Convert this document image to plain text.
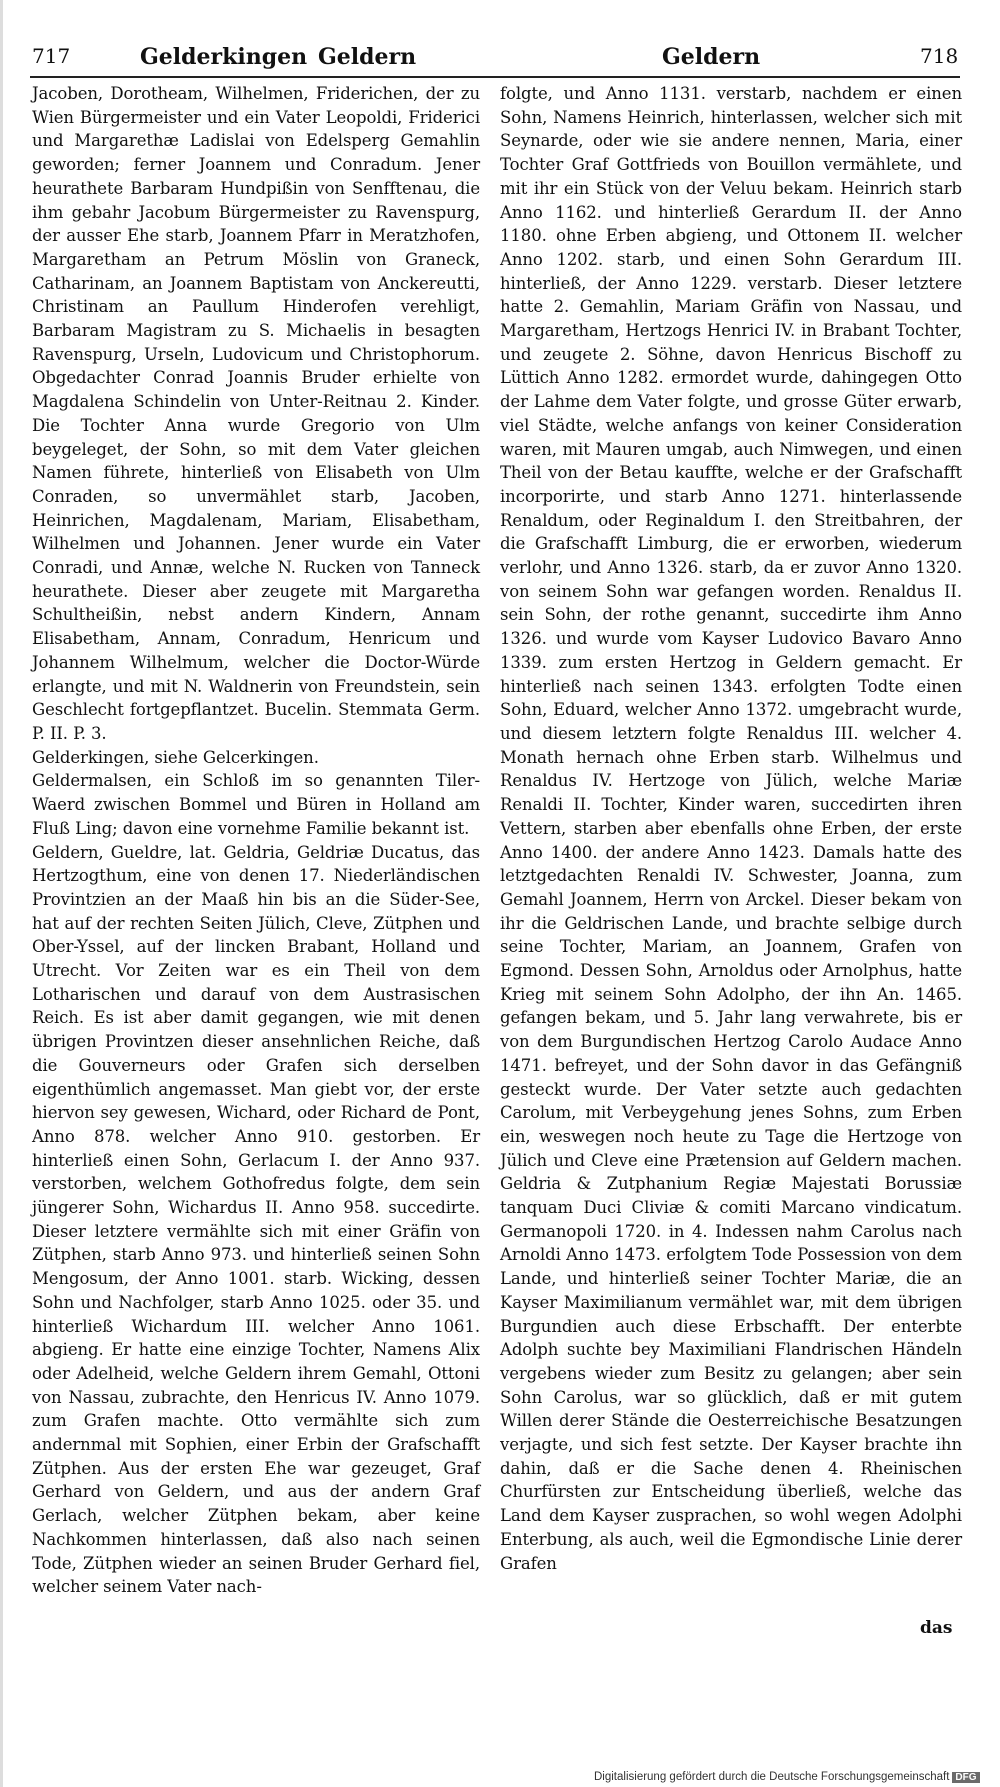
717	Gelderkingen Geldern	Geldern	718

Jacoben, Dorotheam, Wilhelmen, Friderichen, der zu Wien Bürgermeister und ein Vater Leopoldi, Friderici und Margarethæ Ladislai von Edelsperg Gemahlin geworden; ferner Joannem und Conradum. Jener heurathete Barbaram Hundpißin von Senfftenau, die ihm gebahr Jacobum Bürgermeister zu Ravenspurg, der ausser Ehe starb, Joannem Pfarr in Meratzhofen, Margaretham an Petrum Möslin von Graneck, Catharinam, an Joannem Baptistam von Anckereutti, Christinam an Paullum Hinderofen verehligt, Barbaram Magistram zu S. Michaelis in besagten Ravenspurg, Urseln, Ludovicum und Christophorum. Obgedachter Conrad Joannis Bruder erhielte von Magdalena Schindelin von Unter-Reitnau 2. Kinder. Die Tochter Anna wurde Gregorio von Ulm beygeleget, der Sohn, so mit dem Vater gleichen Namen führete, hinterließ von Elisabeth von Ulm Conraden, so unvermählet starb, Jacoben, Heinrichen, Magdalenam, Mariam, Elisabetham, Wilhelmen und Johannen. Jener wurde ein Vater Conradi, und Annæ, welche N. Rucken von Tanneck heurathete. Dieser aber zeugete mit Margaretha Schultheißin, nebst andern Kindern, Annam Elisabetham, Annam, Conradum, Henricum und Johannem Wilhelmum, welcher die Doctor-Würde erlangte, und mit N. Waldnerin von Freundstein, sein Geschlecht fortgepflantzet. Bucelin. Stemmata Germ. P. II. P. 3.

Gelderkingen, siehe Gelcerkingen.

Geldermalsen, ein Schloß im so genannten Tiler-Waerd zwischen Bommel und Büren in Holland am Fluß Ling; davon eine vornehme Familie bekannt ist.

Geldern, Gueldre, lat. Geldria, Geldriæ Ducatus, das Hertzogthum, eine von denen 17. Niederländischen Provintzien an der Maaß hin bis an die Süder-See, hat auf der rechten Seiten Jülich, Cleve, Zütphen und Ober-Yssel, auf der lincken Brabant, Holland und Utrecht. Vor Zeiten war es ein Theil von dem Lotharischen und darauf von dem Austrasischen Reich. Es ist aber damit gegangen, wie mit denen übrigen Provintzen dieser ansehnlichen Reiche, daß die Gouverneurs oder Grafen sich derselben eigenthümlich angemasset. Man giebt vor, der erste hiervon sey gewesen, Wichard, oder Richard de Pont, Anno 878. welcher Anno 910. gestorben. Er hinterließ einen Sohn, Gerlacum I. der Anno 937. verstorben, welchem Gothofredus folgte, dem sein jüngerer Sohn, Wichardus II. Anno 958. succedirte. Dieser letztere vermählte sich mit einer Gräfin von Zütphen, starb Anno 973. und hinterließ seinen Sohn Mengosum, der Anno 1001. starb. Wicking, dessen Sohn und Nachfolger, starb Anno 1025. oder 35. und hinterließ Wichardum III. welcher Anno 1061. abgieng. Er hatte eine einzige Tochter, Namens Alix oder Adelheid, welche Geldern ihrem Gemahl, Ottoni von Nassau, zubrachte, den Henricus IV. Anno 1079. zum Grafen machte. Otto vermählte sich zum andernmal mit Sophien, einer Erbin der Grafschafft Zütphen. Aus der ersten Ehe war gezeuget, Graf Gerhard von Geldern, und aus der andern Graf Gerlach, welcher Zütphen bekam, aber keine Nachkommen hinterlassen, daß also nach seinen Tode, Zütphen wieder an seinen Bruder Gerhard fiel, welcher seinem Vater nach-

folgte, und Anno 1131. verstarb, nachdem er einen Sohn, Namens Heinrich, hinterlassen, welcher sich mit Seynarde, oder wie sie andere nennen, Maria, einer Tochter Graf Gottfrieds von Bouillon vermählete, und mit ihr ein Stück von der Veluu bekam. Heinrich starb Anno 1162. und hinterließ Gerardum II. der Anno 1180. ohne Erben abgieng, und Ottonem II. welcher Anno 1202. starb, und einen Sohn Gerardum III. hinterließ, der Anno 1229. verstarb. Dieser letztere hatte 2. Gemahlin, Mariam Gräfin von Nassau, und Margaretham, Hertzogs Henrici IV. in Brabant Tochter, und zeugete 2. Söhne, davon Henricus Bischoff zu Lüttich Anno 1282. ermordet wurde, dahingegen Otto der Lahme dem Vater folgte, und grosse Güter erwarb, viel Städte, welche anfangs von keiner Consideration waren, mit Mauren umgab, auch Nimwegen, und einen Theil von der Betau kauffte, welche er der Grafschafft incorporirte, und starb Anno 1271. hinterlassende Renaldum, oder Reginaldum I. den Streitbahren, der die Grafschafft Limburg, die er erworben, wiederum verlohr, und Anno 1326. starb, da er zuvor Anno 1320. von seinem Sohn war gefangen worden. Renaldus II. sein Sohn, der rothe genannt, succedirte ihm Anno 1326. und wurde vom Kayser Ludovico Bavaro Anno 1339. zum ersten Hertzog in Geldern gemacht. Er hinterließ nach seinen 1343. erfolgten Todte einen Sohn, Eduard, welcher Anno 1372. umgebracht wurde, und diesem letztern folgte Renaldus III. welcher 4. Monath hernach ohne Erben starb. Wilhelmus und Renaldus IV. Hertzoge von Jülich, welche Mariæ Renaldi II. Tochter, Kinder waren, succedirten ihren Vettern, starben aber ebenfalls ohne Erben, der erste Anno 1400. der andere Anno 1423. Damals hatte des letztgedachten Renaldi IV. Schwester, Joanna, zum Gemahl Joannem, Herrn von Arckel. Dieser bekam von ihr die Geldrischen Lande, und brachte selbige durch seine Tochter, Mariam, an Joannem, Grafen von Egmond. Dessen Sohn, Arnoldus oder Arnolphus, hatte Krieg mit seinem Sohn Adolpho, der ihn An. 1465. gefangen bekam, und 5. Jahr lang verwahrete, bis er von dem Burgundischen Hertzog Carolo Audace Anno 1471. befreyet, und der Sohn davor in das Gefängniß gesteckt wurde. Der Vater setzte auch gedachten Carolum, mit Verbeygehung jenes Sohns, zum Erben ein, weswegen noch heute zu Tage die Hertzoge von Jülich und Cleve eine Prætension auf Geldern machen. Geldria & Zutphanium Regiæ Majestati Borussiæ tanquam Duci Cliviæ & comiti Marcano vindicatum. Germanopoli 1720. in 4. Indessen nahm Carolus nach Arnoldi Anno 1473. erfolgtem Tode Possession von dem Lande, und hinterließ seiner Tochter Mariæ, die an Kayser Maximilianum vermählet war, mit dem übrigen Burgundien auch diese Erbschafft. Der enterbte Adolph suchte bey Maximiliani Flandrischen Händeln vergebens wieder zum Besitz zu gelangen; aber sein Sohn Carolus, war so glücklich, daß er mit gutem Willen derer Stände die Oesterreichische Besatzungen verjagte, und sich fest setzte. Der Kayser brachte ihn dahin, daß er die Sache denen 4. Rheinischen Churfürsten zur Entscheidung überließ, welche das Land dem Kayser zusprachen, so wohl wegen Adolphi Enterbung, als auch, weil die Egmondische Linie derer Grafen

das
Digitalisierung gefördert durch die Deutsche Forschungsgemeinschaft DFG
